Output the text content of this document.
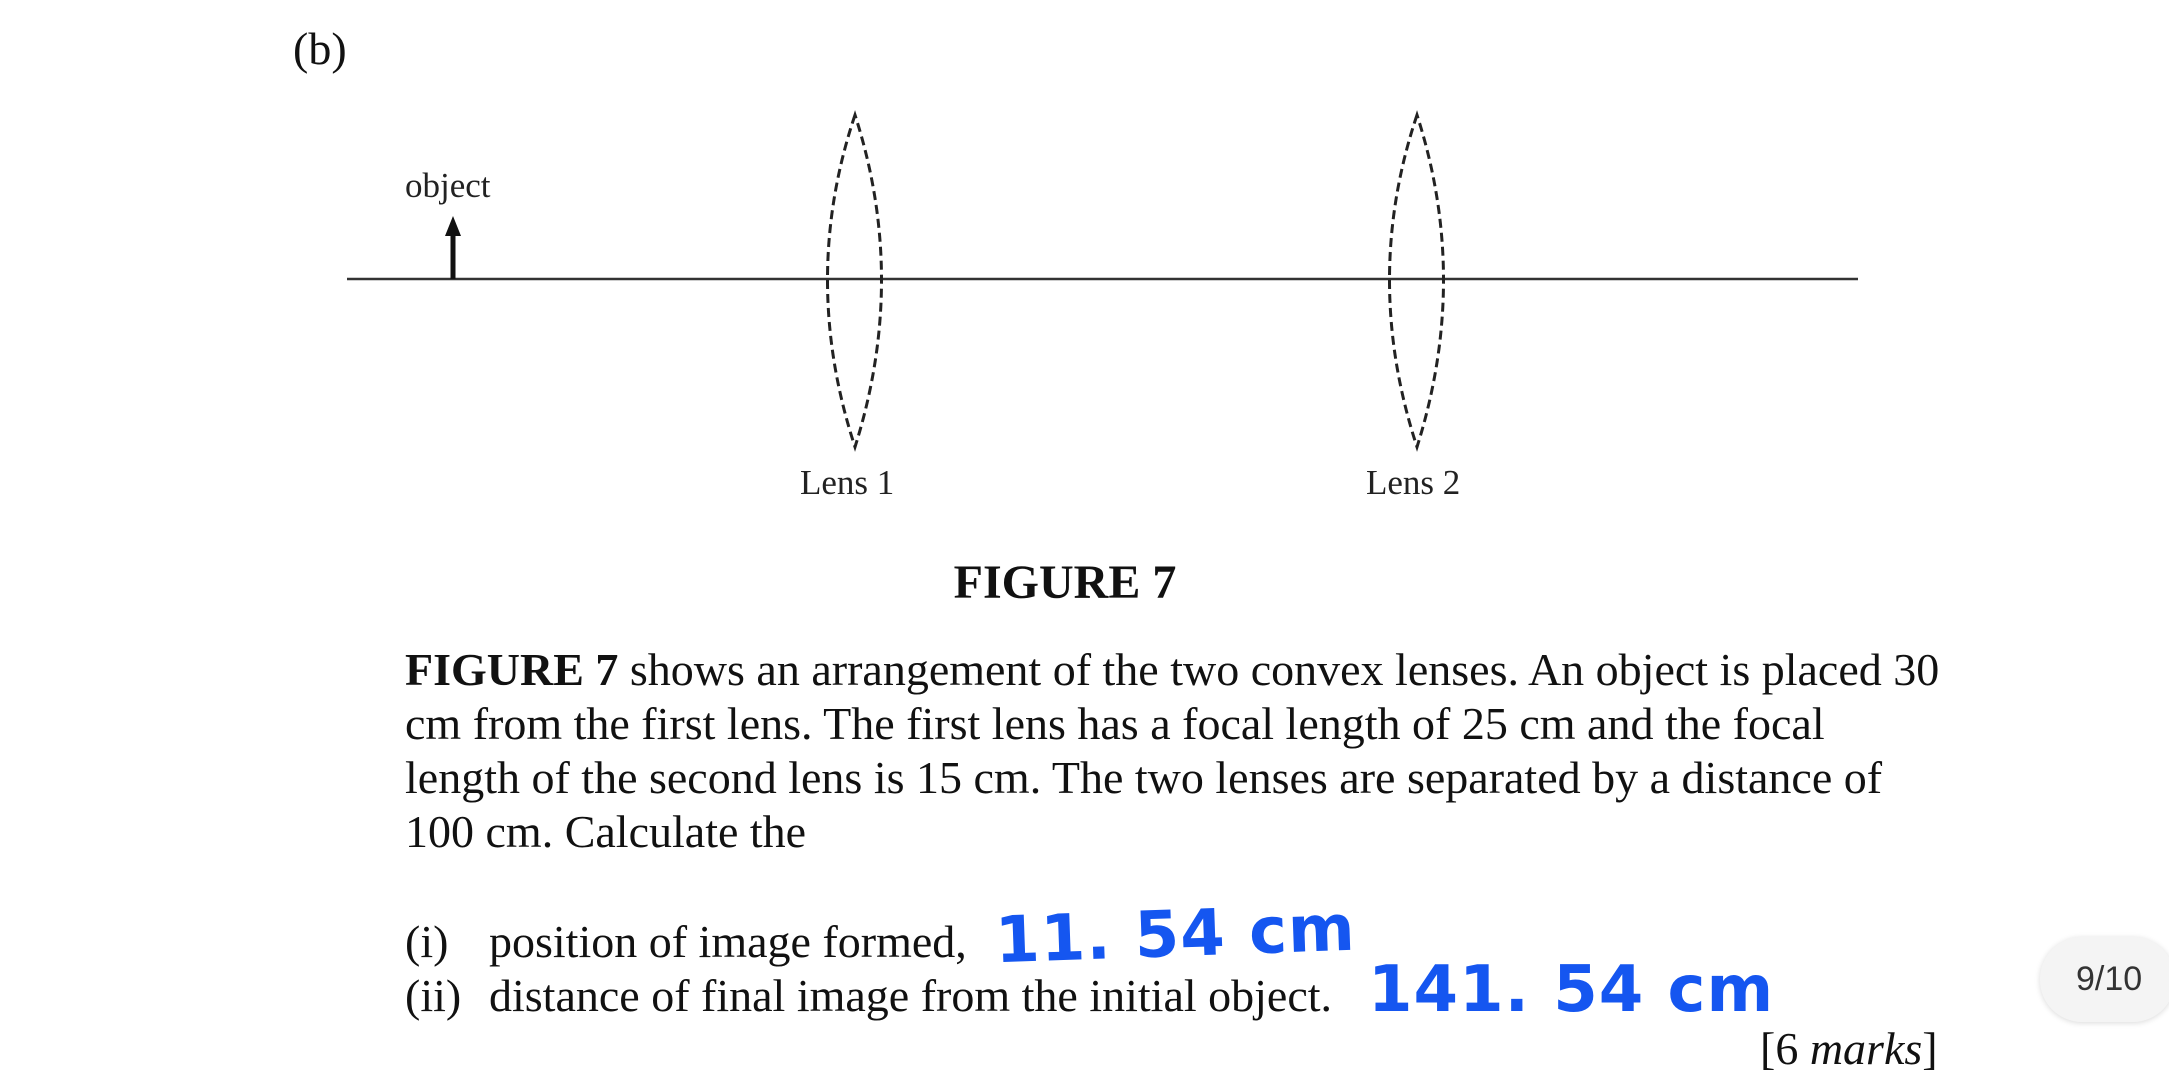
(b)
object
Lens 1	Lens 2
FIGURE 7
FIGURE 7 shows an arrangement of the two convex lenses. An object is placed 30 cm from the first lens. The first lens has a focal length of 25 cm and the focal length of the second lens is 15 cm. The two lenses are separated by a distance of 100 cm. Calculate the
(i) position of image formed, 11. 54 cm
(ii) distance of final image from the initial object. 141. 54 cm
[6 marks]
9/10
